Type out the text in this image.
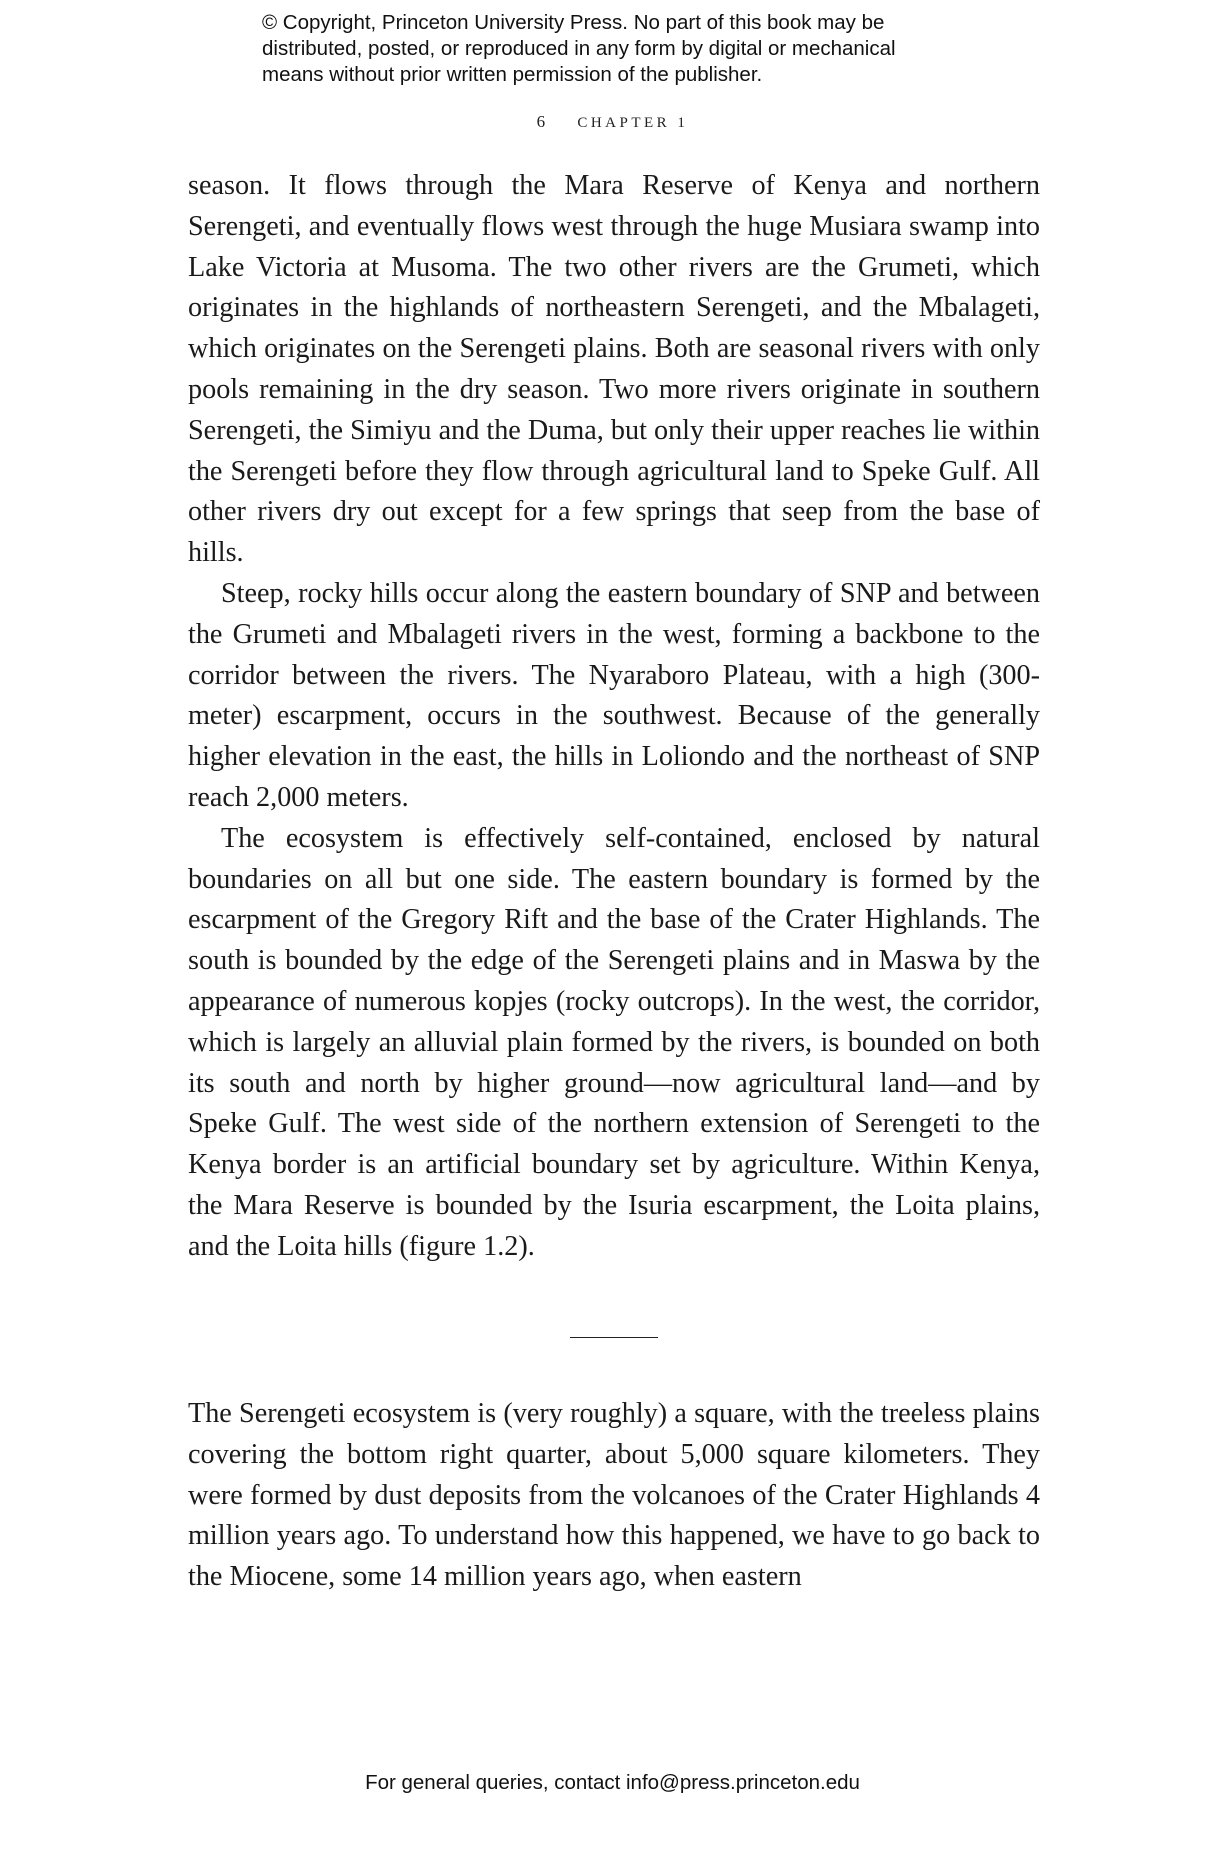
© Copyright, Princeton University Press. No part of this book may be
distributed, posted, or reproduced in any form by digital or mechanical
means without prior written permission of the publisher.
6 CHAPTER 1

season. It flows through the Mara Reserve of Kenya and northern Serengeti, and eventually flows west through the huge Musiara swamp into Lake Victoria at Musoma. The two other rivers are the Grumeti, which originates in the highlands of northeastern Serengeti, and the Mbalageti, which originates on the Serengeti plains. Both are seasonal rivers with only pools remaining in the dry season. Two more rivers originate in southern Serengeti, the Simiyu and the Duma, but only their upper reaches lie within the Serengeti before they flow through agricultural land to Speke Gulf. All other rivers dry out except for a few springs that seep from the base of hills.

Steep, rocky hills occur along the eastern boundary of SNP and between the Grumeti and Mbalageti rivers in the west, forming a backbone to the corridor between the rivers. The Nyaraboro Plateau, with a high (300-meter) escarpment, occurs in the southwest. Because of the generally higher elevation in the east, the hills in Loliondo and the northeast of SNP reach 2,000 meters.

The ecosystem is effectively self-contained, enclosed by natural boundaries on all but one side. The eastern boundary is formed by the escarpment of the Gregory Rift and the base of the Crater Highlands. The south is bounded by the edge of the Serengeti plains and in Maswa by the appearance of numerous kopjes (rocky outcrops). In the west, the corridor, which is largely an alluvial plain formed by the rivers, is bounded on both its south and north by higher ground—now agricultural land—and by Speke Gulf. The west side of the northern extension of Serengeti to the Kenya border is an artificial boundary set by agriculture. Within Kenya, the Mara Reserve is bounded by the Isuria escarpment, the Loita plains, and the Loita hills (figure 1.2).

The Serengeti ecosystem is (very roughly) a square, with the treeless plains covering the bottom right quarter, about 5,000 square kilometers. They were formed by dust deposits from the volcanoes of the Crater Highlands 4 million years ago. To understand how this happened, we have to go back to the Miocene, some 14 million years ago, when eastern

For general queries, contact info@press.princeton.edu
